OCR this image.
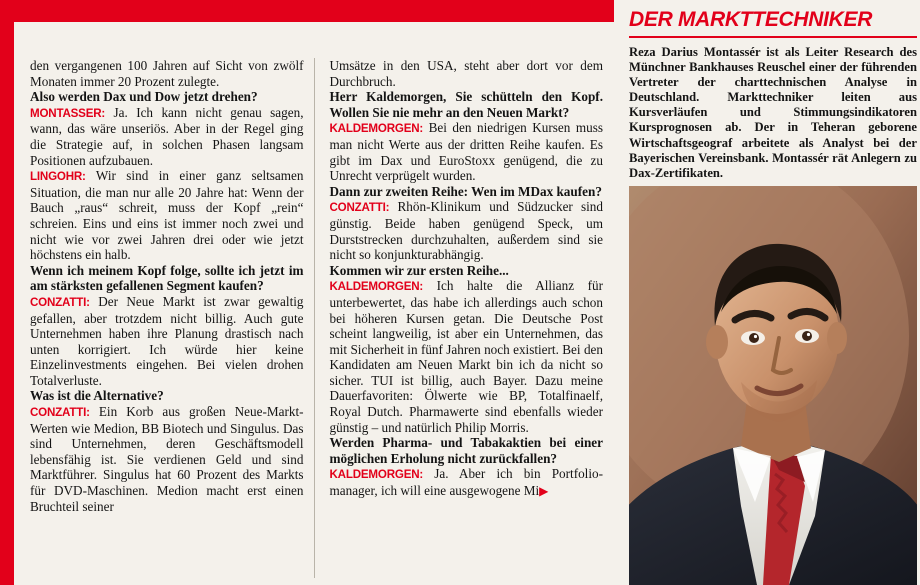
den vergangenen 100 Jahren auf Sicht von zwölf Monaten immer 20 Prozent zulegte.

Also werden Dax und Dow jetzt drehen?

MONTASSER: Ja. Ich kann nicht genau sagen, wann, das wäre unseriös. Aber in der Regel ging die Strategie auf, in solchen Phasen langsam Positionen aufzubauen.

LINGOHR: Wir sind in einer ganz seltsamen Situation, die man nur alle 20 Jahre hat: Wenn der Bauch „raus“ schreit, muss der Kopf „rein“ schreien. Eins und eins ist immer noch zwei und nicht wie vor zwei Jahren drei oder wie jetzt höchstens ein halb.

Wenn ich meinem Kopf folge, sollte ich jetzt im am stärksten gefallenen Segment kaufen?

CONZATTI: Der Neue Markt ist zwar gewaltig gefallen, aber trotzdem nicht billig. Auch gute Unternehmen haben ihre Planung drastisch nach unten korrigiert. Ich würde hier keine Einzelinvestments eingehen. Bei vielen drohen Totalverluste.

Was ist die Alternative?

CONZATTI: Ein Korb aus großen Neue-Markt-Werten wie Medion, BB Biotech und Singulus. Das sind Unternehmen, deren Geschäftsmodell lebensfähig ist. Sie verdienen Geld und sind Marktführer. Singulus hat 60 Prozent des Markts für DVD-Maschinen. Medion macht erst einen Bruchteil seiner

Umsätze in den USA, steht aber dort vor dem Durchbruch.

Herr Kaldemorgen, Sie schütteln den Kopf. Wollen Sie nie mehr an den Neuen Markt?

KALDEMORGEN: Bei den niedrigen Kursen muss man nicht Werte aus der dritten Reihe kaufen. Es gibt im Dax und EuroStoxx genügend, die zu Unrecht verprügelt wurden.

Dann zur zweiten Reihe: Wen im MDax kaufen?

CONZATTI: Rhön-Klinikum und Südzucker sind günstig. Beide haben genügend Speck, um Durststrecken durchzuhalten, außerdem sind sie nicht so konjunkturabhängig.

Kommen wir zur ersten Reihe...

KALDEMORGEN: Ich halte die Allianz für unterbewertet, das habe ich allerdings auch schon bei höheren Kursen getan. Die Deutsche Post scheint langweilig, ist aber ein Unternehmen, das mit Sicherheit in fünf Jahren noch existiert. Bei den Kandidaten am Neuen Markt bin ich da nicht so sicher. TUI ist billig, auch Bayer. Dazu meine Dauerfavoriten: Ölwerte wie BP, Totalfinaelf, Royal Dutch. Pharmawerte sind ebenfalls wieder günstig – und natürlich Philip Morris.

Werden Pharma- und Tabakaktien bei einer möglichen Erholung nicht zurückfallen?

KALDEMORGEN: Ja. Aber ich bin Portfolio-manager, ich will eine ausgewogene Mi▶

DER MARKTTECHNIKER
Reza Darius Montassér ist als Leiter Research des Münchner Bankhauses Reuschel einer der führenden Vertreter der charttechnischen Analyse in Deutschland. Markttechniker leiten aus Kursverläufen und Stimmungsindikatoren Kursprognosen ab. Der in Teheran geborene Wirtschaftsgeograf arbeitete als Analyst bei der Bayerischen Vereinsbank. Montassér rät Anlegern zu Dax-Zertifikaten.
